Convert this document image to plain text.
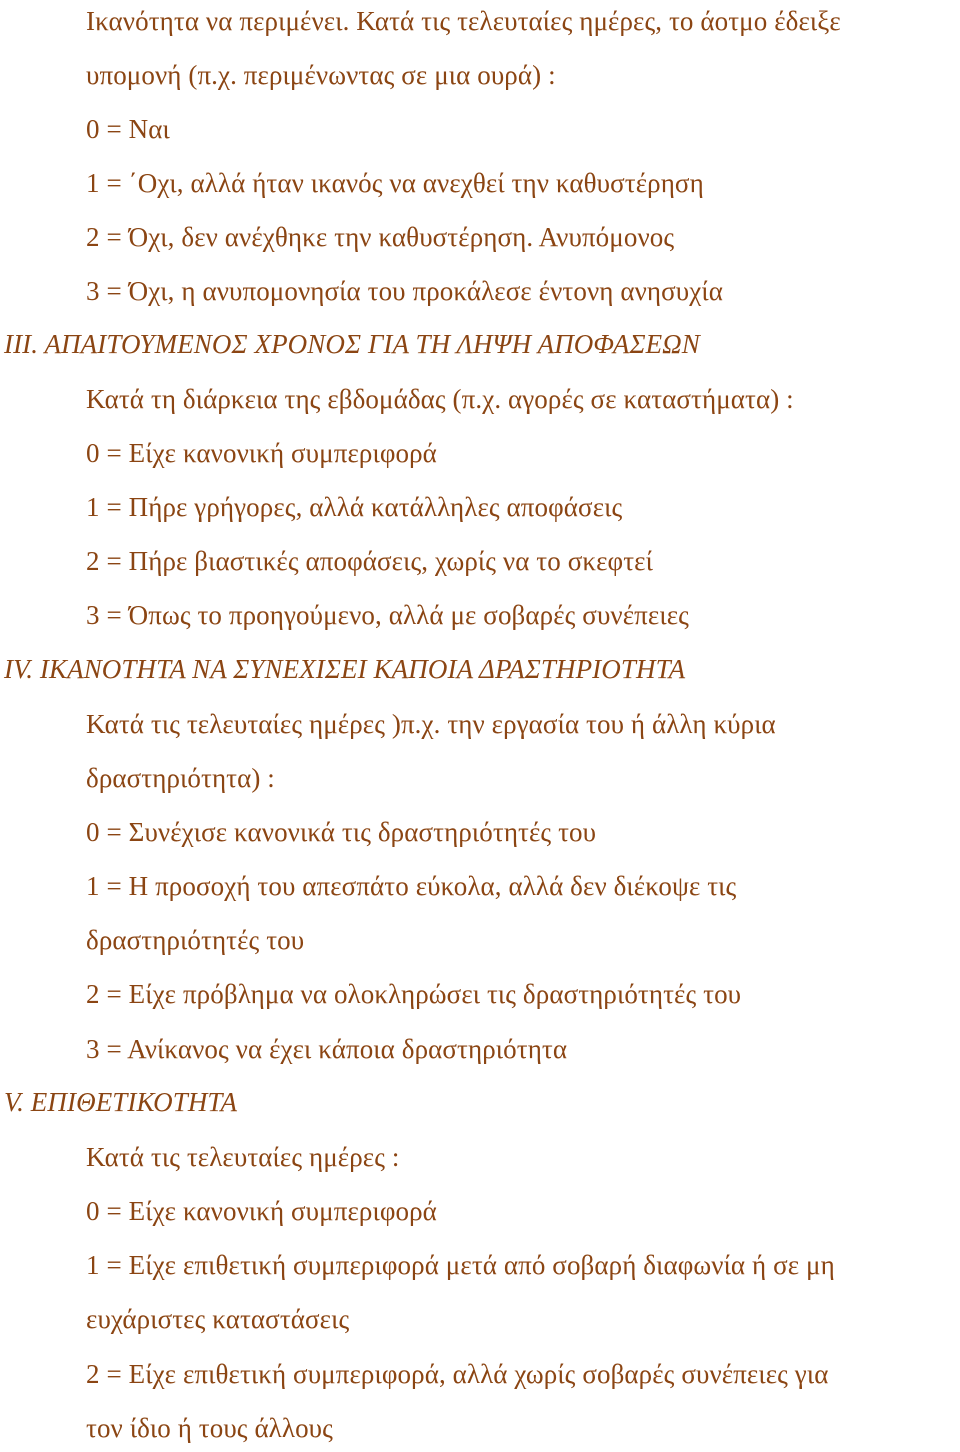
Ικανότητα να περιμένει. Κατά τις τελευταίες ημέρες, το άοτμο έδειξε
υπομονή (π.χ. περιμένωντας σε μια ουρά) :
0 = Ναι
1 = ΄Οχι, αλλά ήταν ικανός να ανεχθεί την καθυστέρηση
2 = Όχι, δεν ανέχθηκε την καθυστέρηση. Ανυπόμονος
3 = Όχι, η ανυπομονησία του προκάλεσε έντονη ανησυχία
ΙΙΙ. ΑΠΑΙΤΟΥΜΕΝΟΣ ΧΡΟΝΟΣ ΓΙΑ ΤΗ ΛΗΨΗ ΑΠΟΦΑΣΕΩΝ
Κατά τη διάρκεια της εβδομάδας (π.χ. αγορές σε καταστήματα) :
0 = Είχε κανονική συμπεριφορά
1 = Πήρε γρήγορες, αλλά κατάλληλες αποφάσεις
2 = Πήρε βιαστικές αποφάσεις, χωρίς να το σκεφτεί
3 = Όπως το προηγούμενο, αλλά με σοβαρές συνέπειες
ΙV. ΙΚΑΝΟΤΗΤΑ ΝΑ ΣΥΝΕΧΙΣΕΙ ΚΑΠΟΙΑ ΔΡΑΣΤΗΡΙΟΤΗΤΑ
Κατά τις τελευταίες ημέρες )π.χ. την εργασία του ή άλλη κύρια
δραστηριότητα) :
0 = Συνέχισε κανονικά τις δραστηριότητές του
1 = Η προσοχή του απεσπάτο εύκολα, αλλά δεν διέκοψε τις
δραστηριότητές του
2 = Είχε πρόβλημα να ολοκληρώσει τις δραστηριότητές του
3 = Ανίκανος να έχει κάποια δραστηριότητα
V. ΕΠΙΘΕΤΙΚΟΤΗΤΑ
Κατά τις τελευταίες ημέρες :
0 = Είχε κανονική συμπεριφορά
1 = Είχε επιθετική συμπεριφορά μετά από σοβαρή διαφωνία ή σε μη
ευχάριστες καταστάσεις
2 = Είχε επιθετική συμπεριφορά, αλλά χωρίς σοβαρές συνέπειες για
τον ίδιο ή τους άλλους
